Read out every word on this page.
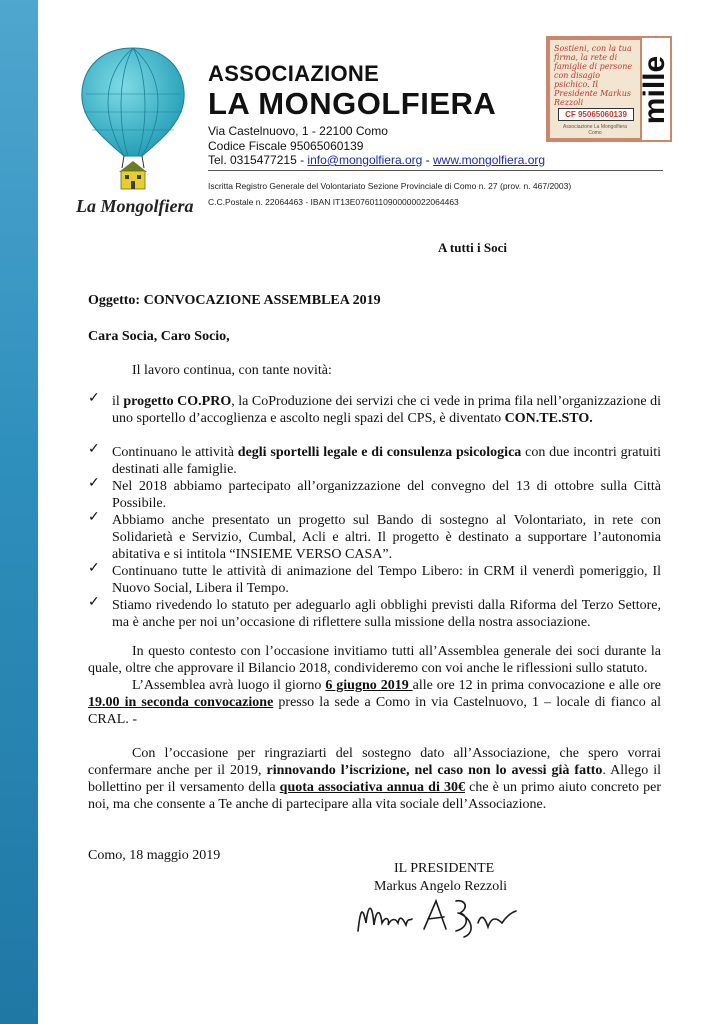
La Mongolfiera
ASSOCIAZIONE
LA MONGOLFIERA
Via Castelnuovo, 1 - 22100 Como
Codice Fiscale 95065060139
Tel. 0315477215 - info@mongolfiera.org - www.mongolfiera.org
Iscritta Registro Generale del Volontariato Sezione Provinciale di Como n. 27 (prov. n. 467/2003)
C.C.Postale n. 22064463 - IBAN IT13E0760110900000022064463
Sostieni, con la tua firma, la rete di famiglie di persone con disagio psichico. Il Presidente Markus Rezzoli
CF 95065060139
Associazione La Mongolfiera Como
mille
A tutti i Soci
Oggetto: CONVOCAZIONE ASSEMBLEA 2019
Cara Socia, Caro Socio,
Il lavoro continua, con tante novità:
✓ il progetto CO.PRO, la CoProduzione dei servizi che ci vede in prima fila nell’organizzazione di uno sportello d’accoglienza e ascolto negli spazi del CPS, è diventato CON.TE.STO.
✓ Continuano le attività degli sportelli legale e di consulenza psicologica con due incontri gratuiti destinati alle famiglie.
✓ Nel 2018 abbiamo partecipato all’organizzazione del convegno del 13 di ottobre sulla Città Possibile.
✓ Abbiamo anche presentato un progetto sul Bando di sostegno al Volontariato, in rete con Solidarietà e Servizio, Cumbal, Acli e altri. Il progetto è destinato a supportare l’autonomia abitativa e si intitola “INSIEME VERSO CASA”.
✓ Continuano tutte le attività di animazione del Tempo Libero: in CRM il venerdì pomeriggio, Il Nuovo Social, Libera il Tempo.
✓ Stiamo rivedendo lo statuto per adeguarlo agli obblighi previsti dalla Riforma del Terzo Settore, ma è anche per noi un’occasione di riflettere sulla missione della nostra associazione.
In questo contesto con l’occasione invitiamo tutti all’Assemblea generale dei soci durante la quale, oltre che approvare il Bilancio 2018, condivideremo con voi anche le riflessioni sullo statuto.
L’Assemblea avrà luogo il giorno 6 giugno 2019 alle ore 12 in prima convocazione e alle ore 19.00 in seconda convocazione presso la sede a Como in via Castelnuovo, 1 – locale di fianco al CRAL. -
Con l’occasione per ringraziarti del sostegno dato all’Associazione, che spero vorrai confermare anche per il 2019, rinnovando l’iscrizione, nel caso non lo avessi già fatto. Allego il bollettino per il versamento della quota associativa annua di 30€ che è un primo aiuto concreto per noi, ma che consente a Te anche di partecipare alla vita sociale dell’Associazione.
Como, 18 maggio 2019
IL PRESIDENTE
Markus Angelo Rezzoli
